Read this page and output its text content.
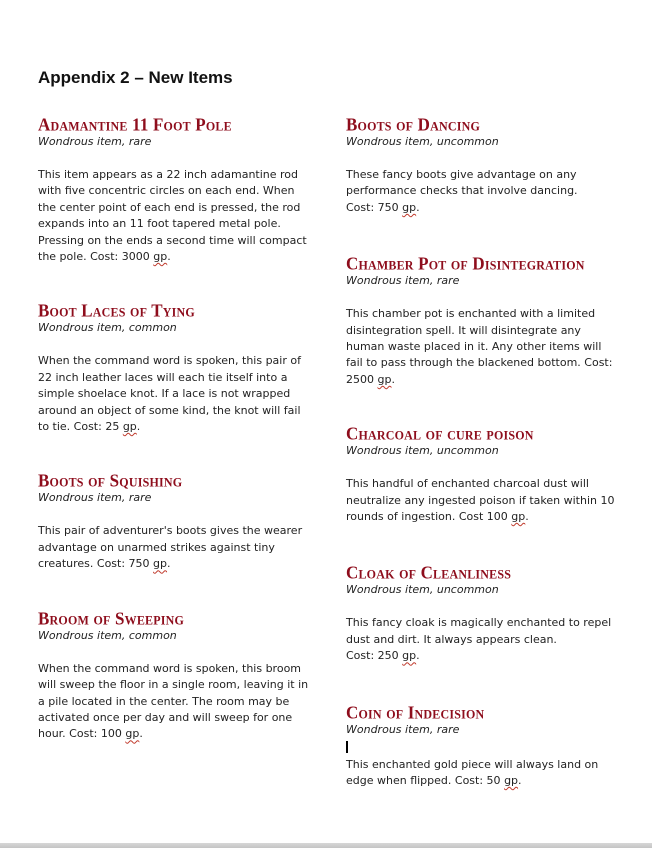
Appendix 2 – New Items
Adamantine 11 Foot Pole

Wondrous item, rare

This item appears as a 22 inch adamantine rod with five concentric circles on each end. When the center point of each end is pressed, the rod expands into an 11 foot tapered metal pole. Pressing on the ends a second time will compact the pole. Cost: 3000 gp.

Boot Laces of Tying

Wondrous item, common

When the command word is spoken, this pair of 22 inch leather laces will each tie itself into a simple shoelace knot. If a lace is not wrapped around an object of some kind, the knot will fail to tie. Cost: 25 gp.

Boots of Squishing

Wondrous item, rare

This pair of adventurer's boots gives the wearer advantage on unarmed strikes against tiny creatures. Cost: 750 gp.

Broom of Sweeping

Wondrous item, common

When the command word is spoken, this broom will sweep the floor in a single room, leaving it in a pile located in the center. The room may be activated once per day and will sweep for one hour. Cost: 100 gp.

Boots of Dancing

Wondrous item, uncommon

These fancy boots give advantage on any performance checks that involve dancing.
Cost: 750 gp.

Chamber Pot of Disintegration

Wondrous item, rare

This chamber pot is enchanted with a limited disintegration spell. It will disintegrate any human waste placed in it. Any other items will fail to pass through the blackened bottom. Cost: 2500 gp.

Charcoal of cure poison

Wondrous item, uncommon

This handful of enchanted charcoal dust will neutralize any ingested poison if taken within 10 rounds of ingestion. Cost 100 gp.

Cloak of Cleanliness

Wondrous item, uncommon

This fancy cloak is magically enchanted to repel dust and dirt. It always appears clean.
Cost: 250 gp.

Coin of Indecision

Wondrous item, rare

This enchanted gold piece will always land on edge when flipped. Cost: 50 gp.
